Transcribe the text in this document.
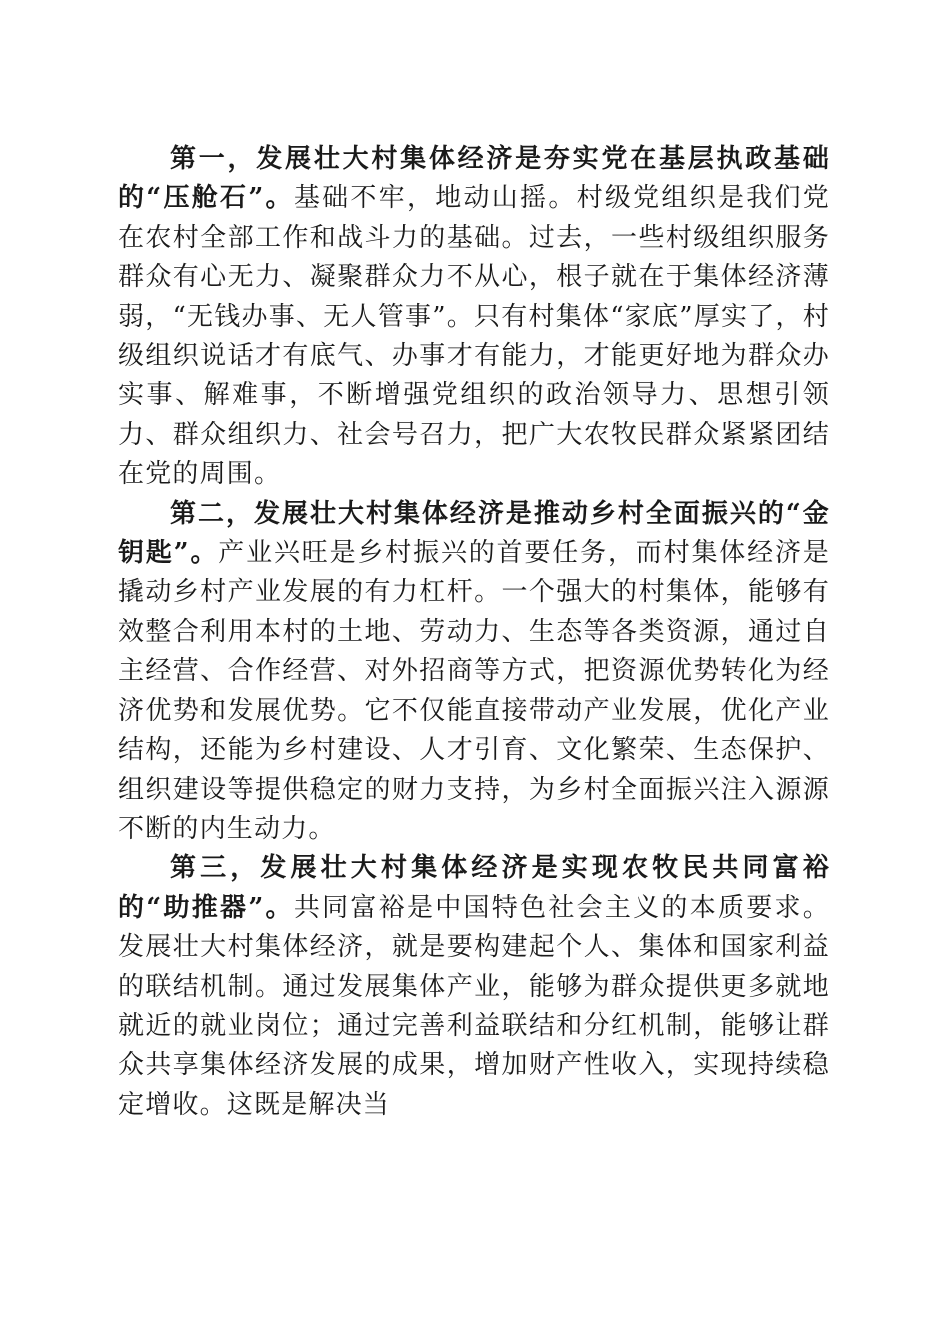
第一，发展壮大村集体经济是夯实党在基层执政基础的“压舱石”。基础不牢，地动山摇。村级党组织是我们党在农村全部工作和战斗力的基础。过去，一些村级组织服务群众有心无力、凝聚群众力不从心，根子就在于集体经济薄弱，“无钱办事、无人管事”。只有村集体“家底”厚实了，村级组织说话才有底气、办事才有能力，才能更好地为群众办实事、解难事，不断增强党组织的政治领导力、思想引领力、群众组织力、社会号召力，把广大农牧民群众紧紧团结在党的周围。

第二，发展壮大村集体经济是推动乡村全面振兴的“金钥匙”。产业兴旺是乡村振兴的首要任务，而村集体经济是撬动乡村产业发展的有力杠杆。一个强大的村集体，能够有效整合利用本村的土地、劳动力、生态等各类资源，通过自主经营、合作经营、对外招商等方式，把资源优势转化为经济优势和发展优势。它不仅能直接带动产业发展，优化产业结构，还能为乡村建设、人才引育、文化繁荣、生态保护、组织建设等提供稳定的财力支持，为乡村全面振兴注入源源不断的内生动力。

第三，发展壮大村集体经济是实现农牧民共同富裕的“助推器”。共同富裕是中国特色社会主义的本质要求。发展壮大村集体经济，就是要构建起个人、集体和国家利益的联结机制。通过发展集体产业，能够为群众提供更多就地就近的就业岗位；通过完善利益联结和分红机制，能够让群众共享集体经济发展的成果，增加财产性收入，实现持续稳定增收。这既是解决当
